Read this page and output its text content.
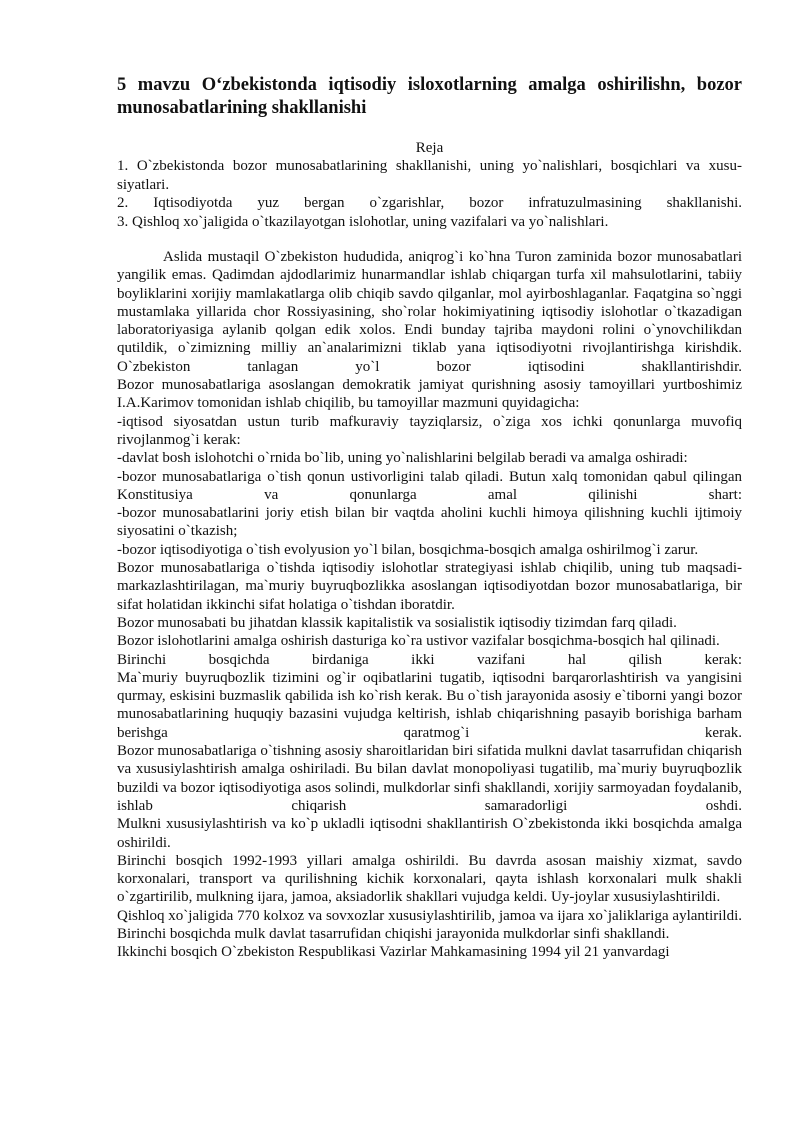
5 mavzu Oʻzbekistonda iqtisodiy isloxotlarning amalga oshirilishn, bozor munosabatlarining shakllanishi
Reja

1. O`zbekistonda bozor munosabatlarining shakllanishi, uning yo`nalishlari, bosqichlari va xususiyatlari.

2. Iqtisodiyotda yuz bergan o`zgarishlar, bozor infratuzulmasining shakllanishi.

3. Qishloq xo`jaligida o`tkazilayotgan islohotlar, uning vazifalari va yo`nalishlari.

Aslida mustaqil O`zbekiston hududida, aniqrog`i ko`hna Turon zaminida bozor munosabatlari yangilik emas. Qadimdan ajdodlarimiz hunarmandlar ishlab chiqargan turfa xil mahsulotlarini, tabiiy boyliklarini xorijiy mamlakatlarga olib chiqib savdo qilganlar, mol ayirboshlaganlar. Faqatgina so`nggi mustamlaka yillarida chor Rossiyasining, sho`rolar hokimiyatining iqtisodiy islohotlar o`tkazadigan laboratoriyasiga aylanib qolgan edik xolos. Endi bunday tajriba maydoni rolini o`ynovchilikdan qutildik, o`zimizning milliy an`analarimizni tiklab yana iqtisodiyotni rivojlantirishga kirishdik. O`zbekiston tanlagan yo`l bozor iqtisodini shakllantirishdir.

Bozor munosabatlariga asoslangan demokratik jamiyat qurishning asosiy tamoyillari yurtboshimiz I.A.Karimov tomonidan ishlab chiqilib, bu tamoyillar mazmuni quyidagicha:

-iqtisod siyosatdan ustun turib mafkuraviy tayziqlarsiz, o`ziga xos ichki qonunlarga muvofiq rivojlanmog`i kerak:

-davlat bosh islohotchi o`rnida bo`lib, uning yo`nalishlarini belgilab beradi va amalga oshiradi:

-bozor munosabatlariga o`tish qonun ustivorligini talab qiladi. Butun xalq tomonidan qabul qilingan Konstitusiya va qonunlarga amal qilinishi shart:

-bozor munosabatlarini joriy etish bilan bir vaqtda aholini kuchli himoya qilishning kuchli ijtimoiy siyosatini o`tkazish;

-bozor iqtisodiyotiga o`tish evolyusion yo`l bilan, bosqichma-bosqich amalga oshirilmog`i zarur.

Bozor munosabatlariga o`tishda iqtisodiy islohotlar strategiyasi ishlab chiqilib, uning tub maqsadi-markazlashtirilagan, ma`muriy buyruqbozlikka asoslangan iqtisodiyotdan bozor munosabatlariga, bir sifat holatidan ikkinchi sifat holatiga o`tishdan iboratdir.

Bozor munosabati bu jihatdan klassik kapitalistik va sosialistik iqtisodiy tizimdan farq qiladi.

Bozor islohotlarini amalga oshirish dasturiga ko`ra ustivor vazifalar bosqichma-bosqich hal qilinadi.

Birinchi bosqichda birdaniga ikki vazifani hal qilish kerak:

Ma`muriy buyruqbozlik tizimini og`ir oqibatlarini tugatib, iqtisodni barqarorlashtirish va yangisini qurmay, eskisini buzmaslik qabilida ish ko`rish kerak. Bu o`tish jarayonida asosiy e`tiborni yangi bozor munosabatlarining huquqiy bazasini vujudga keltirish, ishlab chiqarishning pasayib borishiga barham berishga qaratmog`i kerak.

Bozor munosabatlariga o`tishning asosiy sharoitlaridan biri sifatida mulkni davlat tasarrufidan chiqarish va xususiylashtirish amalga oshiriladi. Bu bilan davlat monopoliyasi tugatilib, ma`muriy buyruqbozlik buzildi va bozor iqtisodiyotiga asos solindi, mulkdorlar sinfi shakllandi, xorijiy sarmoyadan foydalanib, ishlab chiqarish samaradorligi oshdi.

Mulkni xususiylashtirish va ko`p ukladli iqtisodni shakllantirish O`zbekistonda ikki bosqichda amalga oshirildi.

Birinchi bosqich 1992-1993 yillari amalga oshirildi. Bu davrda asosan maishiy xizmat, savdo korxonalari, transport va qurilishning kichik korxonalari, qayta ishlash korxonalari mulk shakli o`zgartirilib, mulkning ijara, jamoa, aksiadorlik shakllari vujudga keldi. Uy-joylar xususiylashtirildi.

Qishloq xo`jaligida 770 kolxoz va sovxozlar xususiylashtirilib, jamoa va ijara xo`jaliklariga aylantirildi. Birinchi bosqichda mulk davlat tasarrufidan chiqishi jarayonida mulkdorlar sinfi shakllandi.

Ikkinchi bosqich O`zbekiston Respublikasi Vazirlar Mahkamasining 1994 yil 21 yanvardagi
